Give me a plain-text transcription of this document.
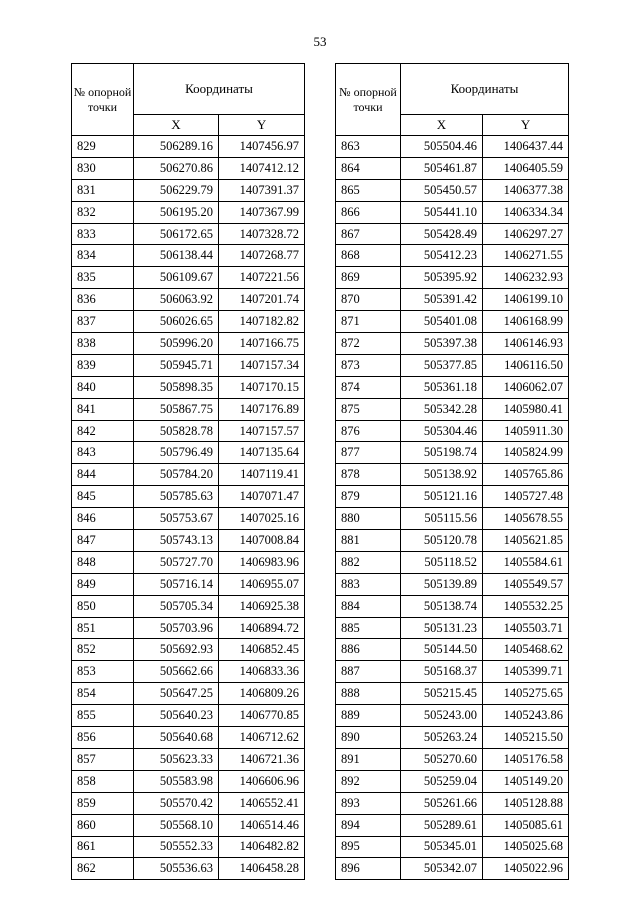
53
№ опорной точки	Координаты	
	X	Y
829	506289.16	1407456.97
830	506270.86	1407412.12
831	506229.79	1407391.37
832	506195.20	1407367.99
833	506172.65	1407328.72
834	506138.44	1407268.77
835	506109.67	1407221.56
836	506063.92	1407201.74
837	506026.65	1407182.82
838	505996.20	1407166.75
839	505945.71	1407157.34
840	505898.35	1407170.15
841	505867.75	1407176.89
842	505828.78	1407157.57
843	505796.49	1407135.64
844	505784.20	1407119.41
845	505785.63	1407071.47
846	505753.67	1407025.16
847	505743.13	1407008.84
848	505727.70	1406983.96
849	505716.14	1406955.07
850	505705.34	1406925.38
851	505703.96	1406894.72
852	505692.93	1406852.45
853	505662.66	1406833.36
854	505647.25	1406809.26
855	505640.23	1406770.85
856	505640.68	1406712.62
857	505623.33	1406721.36
858	505583.98	1406606.96
859	505570.42	1406552.41
860	505568.10	1406514.46
861	505552.33	1406482.82
862	505536.63	1406458.28
№ опорной точки	Координаты	
	X	Y
863	505504.46	1406437.44
864	505461.87	1406405.59
865	505450.57	1406377.38
866	505441.10	1406334.34
867	505428.49	1406297.27
868	505412.23	1406271.55
869	505395.92	1406232.93
870	505391.42	1406199.10
871	505401.08	1406168.99
872	505397.38	1406146.93
873	505377.85	1406116.50
874	505361.18	1406062.07
875	505342.28	1405980.41
876	505304.46	1405911.30
877	505198.74	1405824.99
878	505138.92	1405765.86
879	505121.16	1405727.48
880	505115.56	1405678.55
881	505120.78	1405621.85
882	505118.52	1405584.61
883	505139.89	1405549.57
884	505138.74	1405532.25
885	505131.23	1405503.71
886	505144.50	1405468.62
887	505168.37	1405399.71
888	505215.45	1405275.65
889	505243.00	1405243.86
890	505263.24	1405215.50
891	505270.60	1405176.58
892	505259.04	1405149.20
893	505261.66	1405128.88
894	505289.61	1405085.61
895	505345.01	1405025.68
896	505342.07	1405022.96
